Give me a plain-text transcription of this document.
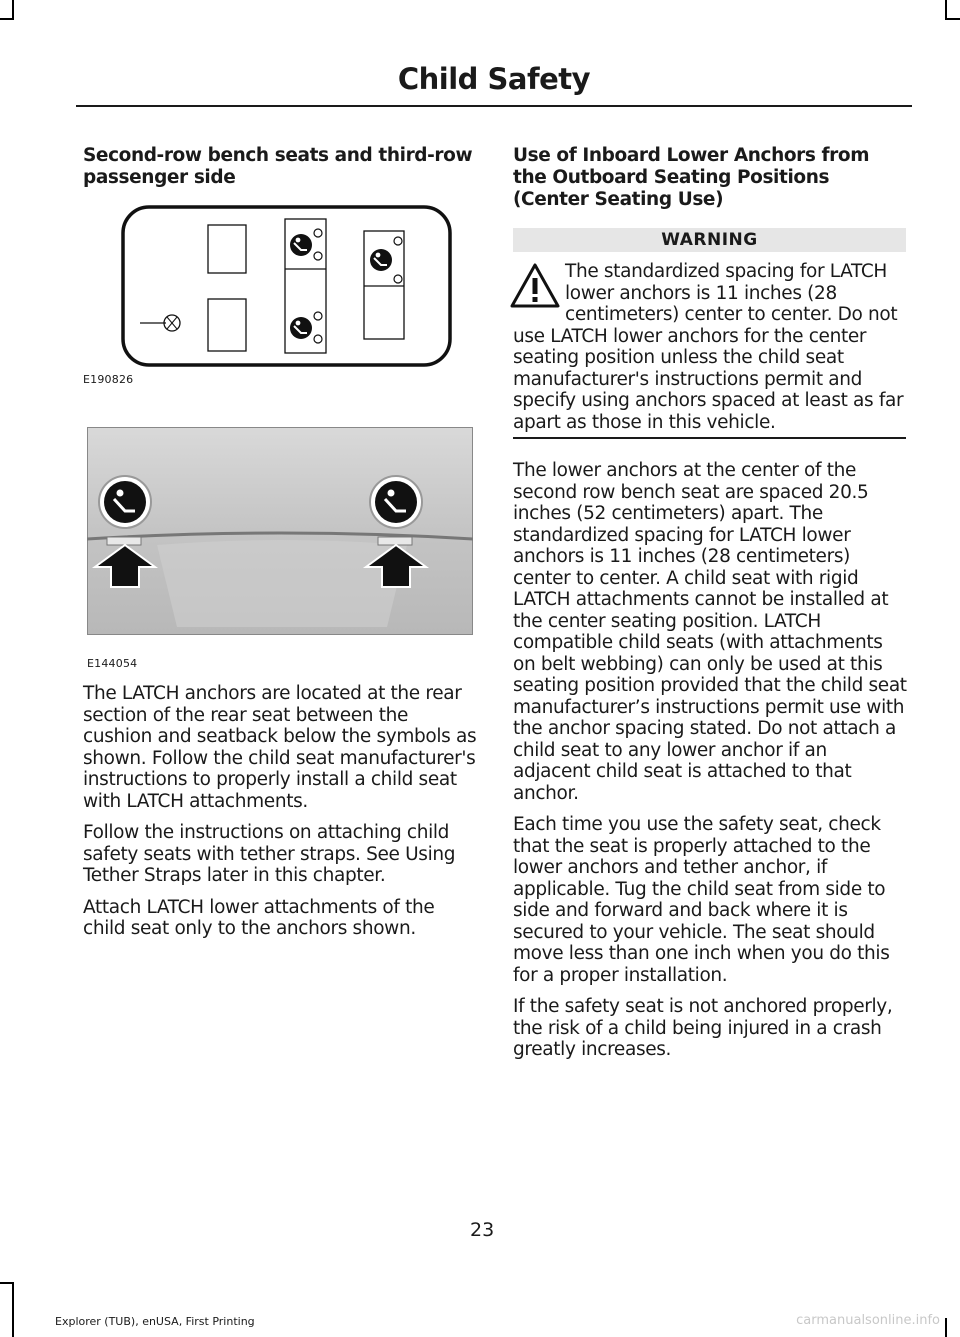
Child Safety
Second-row bench seats and third-row passenger side
E190826
E144054

The LATCH anchors are located at the rear section of the rear seat between the cushion and seatback below the symbols as shown. Follow the child seat manufacturer's instructions to properly install a child seat with LATCH attachments.

Follow the instructions on attaching child safety seats with tether straps. See Using Tether Straps later in this chapter.

Attach LATCH lower attachments of the child seat only to the anchors shown.

Use of Inboard Lower Anchors from the Outboard Seating Positions (Center Seating Use)
WARNING
The standardized spacing for LATCH lower anchors is 11 inches (28 centimeters) center to center. Do not use LATCH lower anchors for the center seating position unless the child seat manufacturer's instructions permit and specify using anchors spaced at least as far apart as those in this vehicle.

The lower anchors at the center of the second row bench seat are spaced 20.5 inches (52 centimeters) apart. The standardized spacing for LATCH lower anchors is 11 inches (28 centimeters) center to center. A child seat with rigid LATCH attachments cannot be installed at the center seating position. LATCH compatible child seats (with attachments on belt webbing) can only be used at this seating position provided that the child seat manufacturer’s instructions permit use with the anchor spacing stated. Do not attach a child seat to any lower anchor if an adjacent child seat is attached to that anchor.

Each time you use the safety seat, check that the seat is properly attached to the lower anchors and tether anchor, if applicable. Tug the child seat from side to side and forward and back where it is secured to your vehicle. The seat should move less than one inch when you do this for a proper installation.

If the safety seat is not anchored properly, the risk of a child being injured in a crash greatly increases.

23
Explorer (TUB), enUSA, First Printing	carmanualsonline.info
